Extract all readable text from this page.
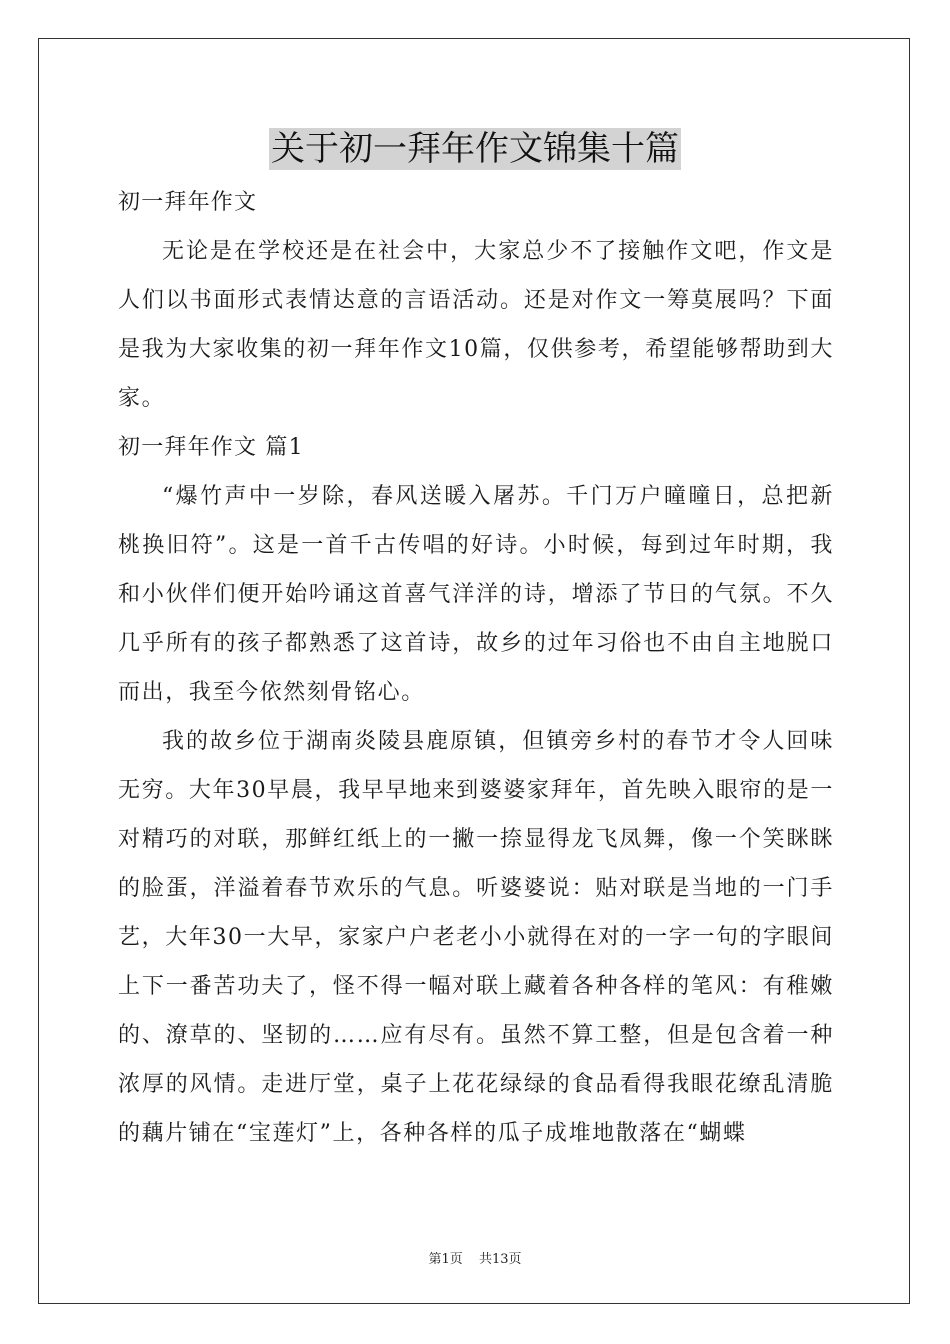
关于初一拜年作文锦集十篇
初一拜年作文

无论是在学校还是在社会中，大家总少不了接触作文吧，作文是人们以书面形式表情达意的言语活动。还是对作文一筹莫展吗？下面是我为大家收集的初一拜年作文10篇，仅供参考，希望能够帮助到大家。

初一拜年作文 篇1

“爆竹声中一岁除，春风送暖入屠苏。千门万户曈曈日，总把新桃换旧符”。这是一首千古传唱的好诗。小时候，每到过年时期，我和小伙伴们便开始吟诵这首喜气洋洋的诗，增添了节日的气氛。不久几乎所有的孩子都熟悉了这首诗，故乡的过年习俗也不由自主地脱口而出，我至今依然刻骨铭心。

我的故乡位于湖南炎陵县鹿原镇，但镇旁乡村的春节才令人回味无穷。大年30早晨，我早早地来到婆婆家拜年，首先映入眼帘的是一对精巧的对联，那鲜红纸上的一撇一捺显得龙飞凤舞，像一个笑眯眯的脸蛋，洋溢着春节欢乐的气息。听婆婆说：贴对联是当地的一门手艺，大年30一大早，家家户户老老小小就得在对的一字一句的字眼间上下一番苦功夫了，怪不得一幅对联上藏着各种各样的笔风：有稚嫩的、潦草的、坚韧的……应有尽有。虽然不算工整，但是包含着一种浓厚的风情。走进厅堂，桌子上花花绿绿的食品看得我眼花缭乱清脆的藕片铺在“宝莲灯”上，各种各样的瓜子成堆地散落在“蝴蝶

第1页 共13页
